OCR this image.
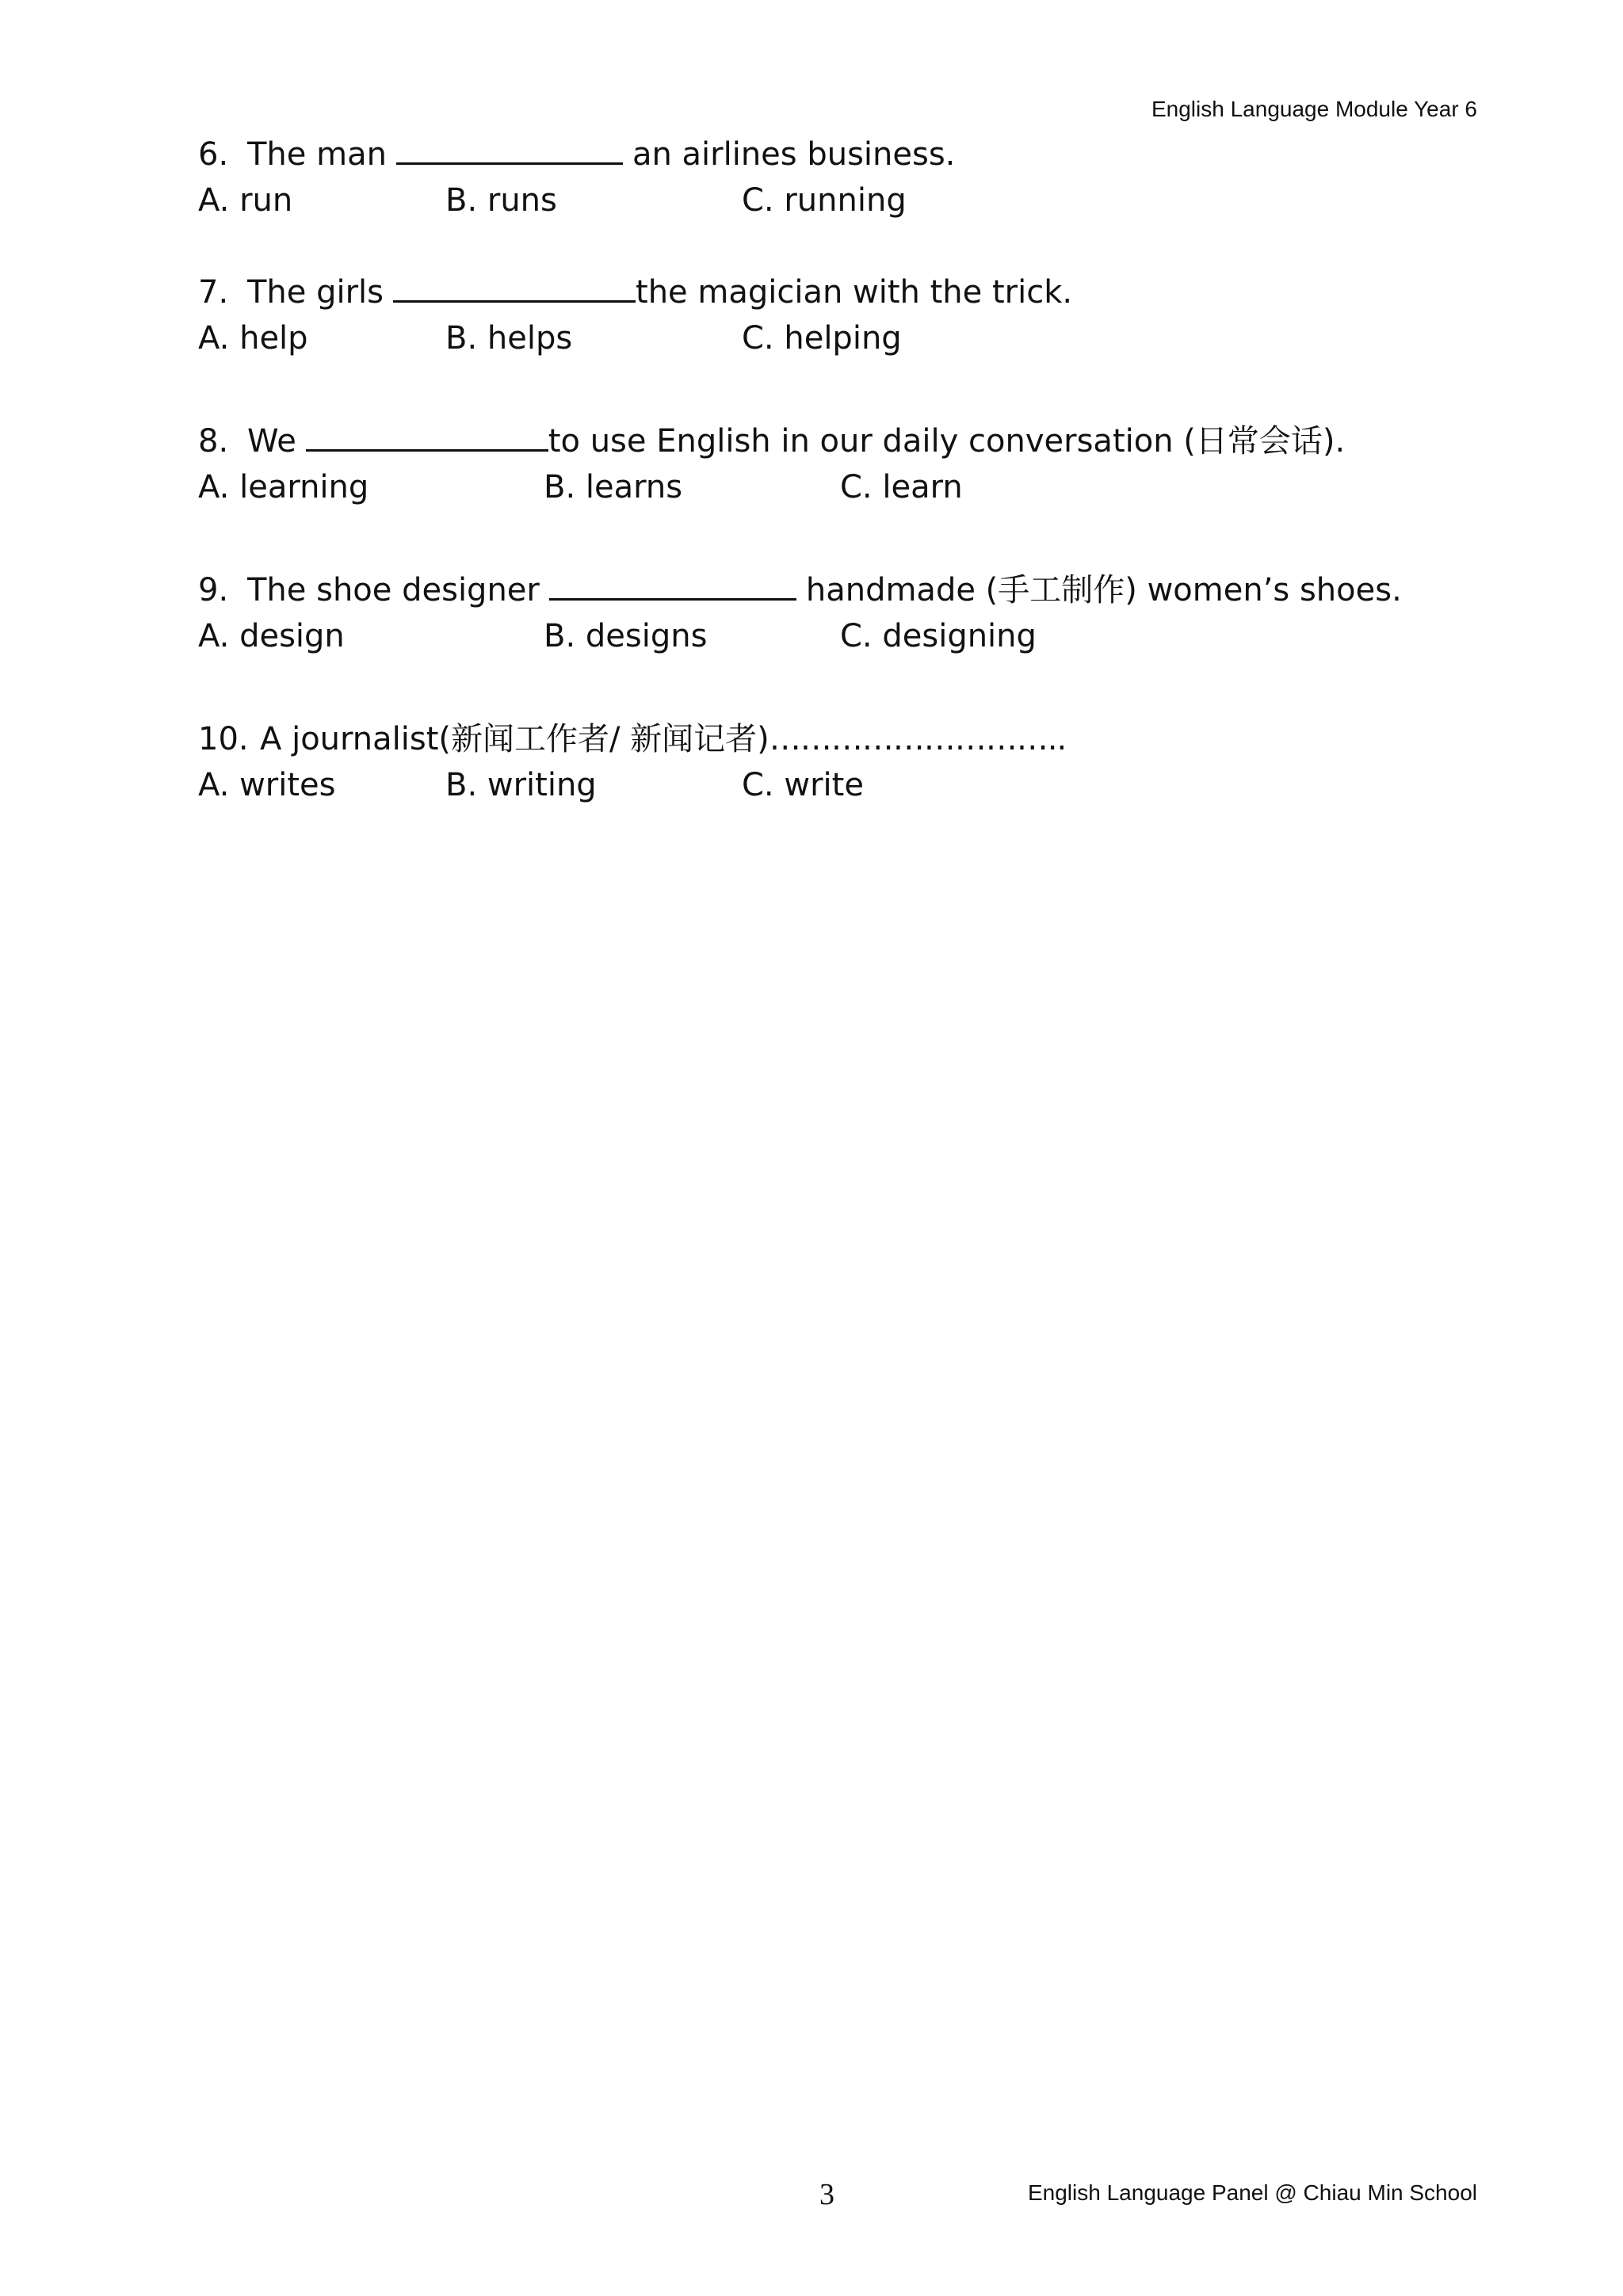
English Language Module Year 6
6. The man	an airlines business.
A. run	B. runs	C. running
7. The girls	the magician with the trick.
A. help	B. helps	C. helping
8. We	to use English in our daily conversation (日常会话).
A. learning	B. learns	C. learn
9. The shoe designer	handmade (手工制作) women’s shoes.
A. design	B. designs	C. designing
10. A journalist(新闻工作者/ 新闻记者)………………………..
A. writes	B. writing	C. write
3	English Language Panel @ Chiau Min School
